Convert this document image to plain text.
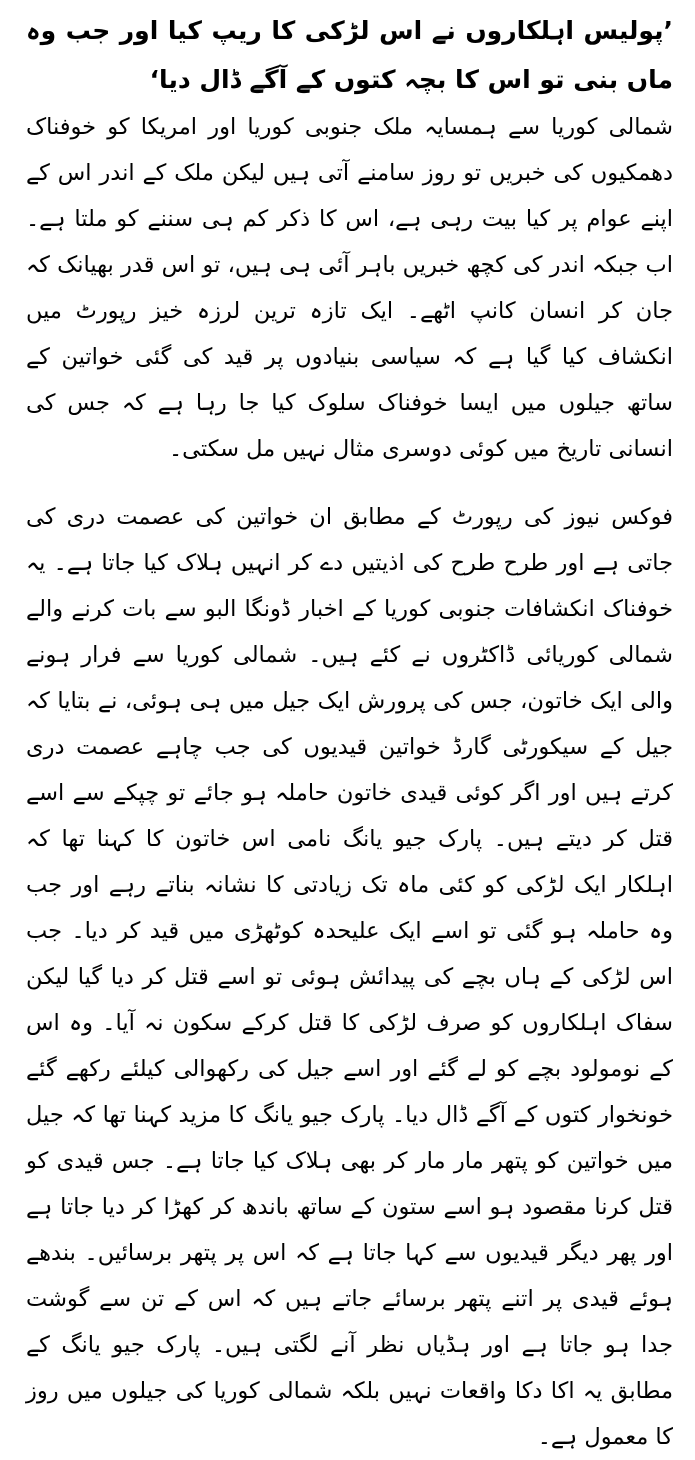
’پولیس اہلکاروں نے اس لڑکی کا ریپ کیا اور جب وہ ماں بنی تو اس کا بچہ کتوں کے آگے ڈال دیا‘

شمالی کوریا سے ہمسایہ ملک جنوبی کوریا اور امریکا کو خوفناک دھمکیوں کی خبریں تو روز سامنے آتی ہیں لیکن ملک کے اندر اس کے اپنے عوام پر کیا بیت رہی ہے، اس کا ذکر کم ہی سننے کو ملتا ہے۔ اب جبکہ اندر کی کچھ خبریں باہر آئی ہی ہیں، تو اس قدر بھیانک کہ جان کر انسان کانپ اٹھے۔ ایک تازہ ترین لرزہ خیز رپورٹ میں انکشاف کیا گیا ہے کہ سیاسی بنیادوں پر قید کی گئی خواتین کے ساتھ جیلوں میں ایسا خوفناک سلوک کیا جا رہا ہے کہ جس کی انسانی تاریخ میں کوئی دوسری مثال نہیں مل سکتی۔

فوکس نیوز کی رپورٹ کے مطابق ان خواتین کی عصمت دری کی جاتی ہے اور طرح طرح کی اذیتیں دے کر انہیں ہلاک کیا جاتا ہے۔ یہ خوفناک انکشافات جنوبی کوریا کے اخبار ڈونگا البو سے بات کرنے والے شمالی کوریائی ڈاکٹروں نے کئے ہیں۔ شمالی کوریا سے فرار ہونے والی ایک خاتون، جس کی پرورش ایک جیل میں ہی ہوئی، نے بتایا کہ جیل کے سیکورٹی گارڈ خواتین قیدیوں کی جب چاہے عصمت دری کرتے ہیں اور اگر کوئی قیدی خاتون حاملہ ہو جائے تو چپکے سے اسے قتل کر دیتے ہیں۔ پارک جیو یانگ نامی اس خاتون کا کہنا تھا کہ اہلکار ایک لڑکی کو کئی ماہ تک زیادتی کا نشانہ بناتے رہے اور جب وہ حاملہ ہو گئی تو اسے ایک علیحدہ کوٹھڑی میں قید کر دیا۔ جب اس لڑکی کے ہاں بچے کی پیدائش ہوئی تو اسے قتل کر دیا گیا لیکن سفاک اہلکاروں کو صرف لڑکی کا قتل کرکے سکون نہ آیا۔ وہ اس کے نومولود بچے کو لے گئے اور اسے جیل کی رکھوالی کیلئے رکھے گئے خونخوار کتوں کے آگے ڈال دیا۔ پارک جیو یانگ کا مزید کہنا تھا کہ جیل میں خواتین کو پتھر مار مار کر بھی ہلاک کیا جاتا ہے۔ جس قیدی کو قتل کرنا مقصود ہو اسے ستون کے ساتھ باندھ کر کھڑا کر دیا جاتا ہے اور پھر دیگر قیدیوں سے کہا جاتا ہے کہ اس پر پتھر برسائیں۔ بندھے ہوئے قیدی پر اتنے پتھر برسائے جاتے ہیں کہ اس کے تن سے گوشت جدا ہو جاتا ہے اور ہڈیاں نظر آنے لگتی ہیں۔ پارک جیو یانگ کے مطابق یہ اکا دکا واقعات نہیں بلکہ شمالی کوریا کی جیلوں میں روز کا معمول ہے۔
